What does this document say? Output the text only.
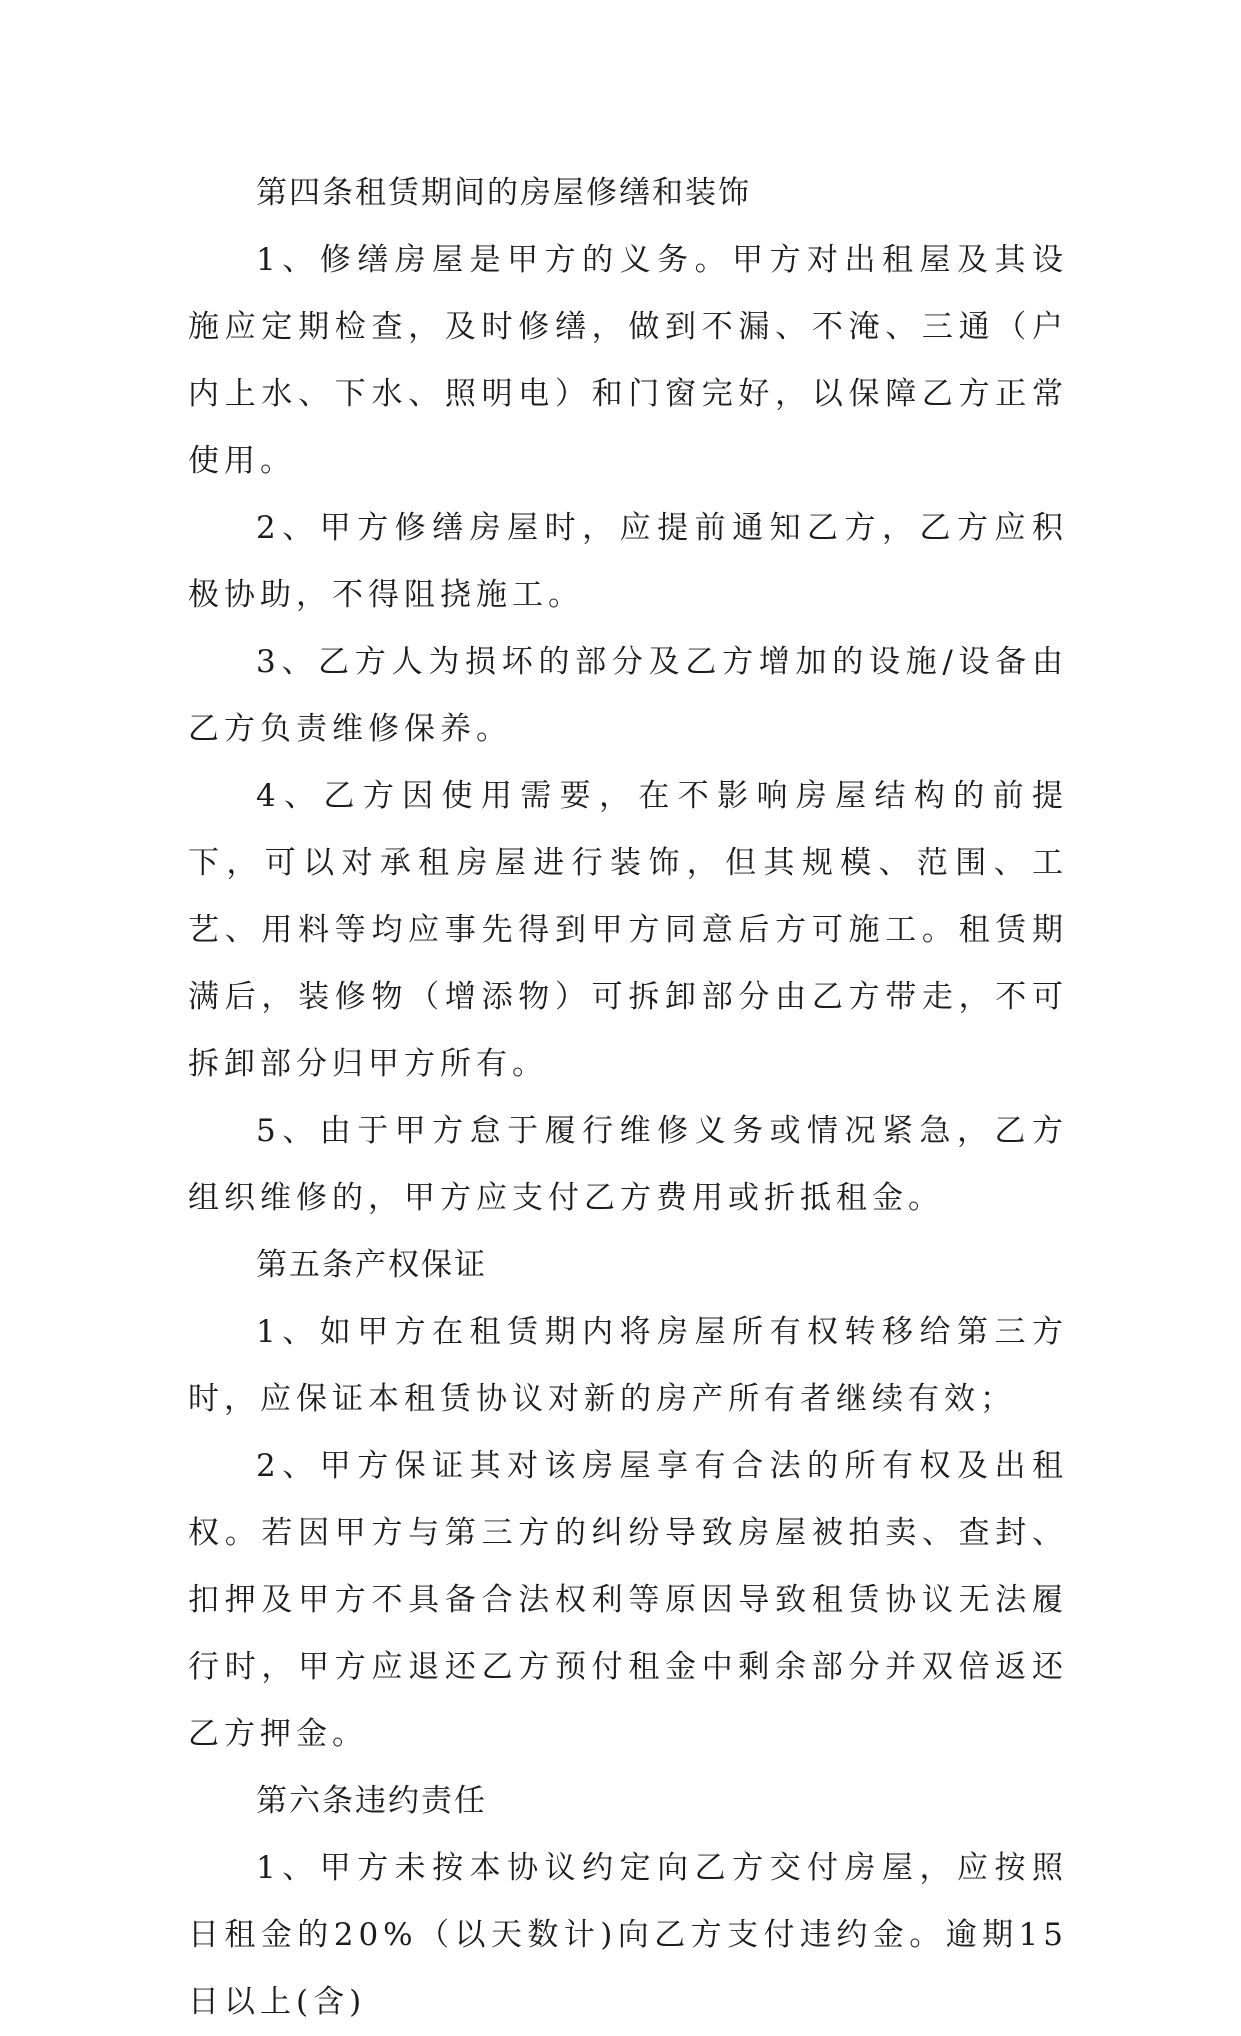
第四条租赁期间的房屋修缮和装饰

1、修缮房屋是甲方的义务。甲方对出租屋及其设施应定期检查，及时修缮，做到不漏、不淹、三通（户内上水、下水、照明电）和门窗完好，以保障乙方正常使用。

2、甲方修缮房屋时，应提前通知乙方，乙方应积极协助，不得阻挠施工。

3、乙方人为损坏的部分及乙方增加的设施/设备由乙方负责维修保养。

4、乙方因使用需要，在不影响房屋结构的前提下，可以对承租房屋进行装饰，但其规模、范围、工艺、用料等均应事先得到甲方同意后方可施工。租赁期满后，装修物（增添物）可拆卸部分由乙方带走，不可拆卸部分归甲方所有。

5、由于甲方怠于履行维修义务或情况紧急，乙方组织维修的，甲方应支付乙方费用或折抵租金。

第五条产权保证

1、如甲方在租赁期内将房屋所有权转移给第三方时，应保证本租赁协议对新的房产所有者继续有效；

2、甲方保证其对该房屋享有合法的所有权及出租权。若因甲方与第三方的纠纷导致房屋被拍卖、查封、扣押及甲方不具备合法权利等原因导致租赁协议无法履行时，甲方应退还乙方预付租金中剩余部分并双倍返还乙方押金。

第六条违约责任

1、甲方未按本协议约定向乙方交付房屋，应按照日租金的20%（以天数计)向乙方支付违约金。逾期15日以上(含)
